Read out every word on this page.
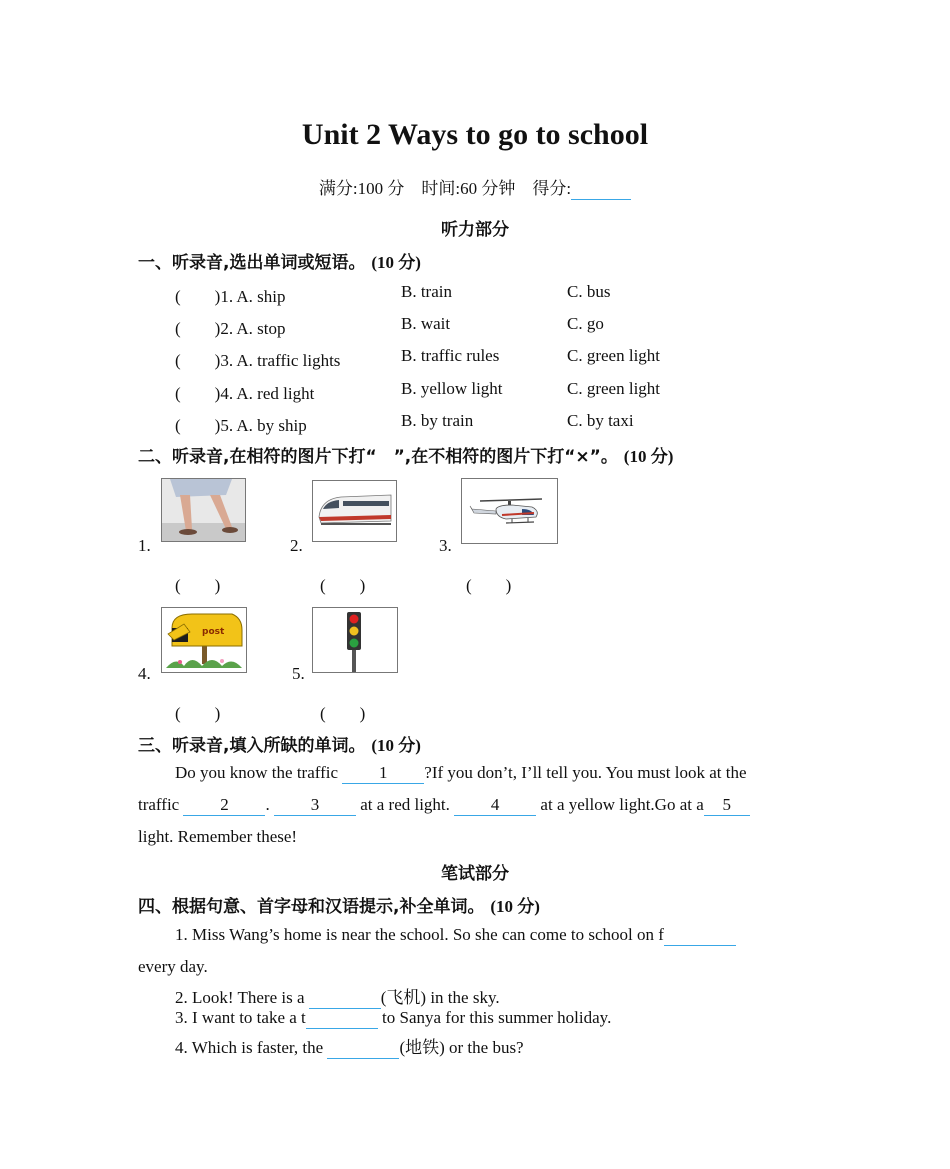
Unit 2 Ways to go to school
满分:100 分　时间:60 分钟　得分:
听力部分
一、听录音,选出单词或短语。 (10 分)
(　　)1. A. ship	B. train	C. bus
(　　)2. A. stop	B. wait	C. go
(　　)3. A. traffic lights	B. traffic rules	C. green light
(　　)4. A. red light	B. yellow light	C. green light
(　　)5. A. by ship	B. by train	C. by taxi
二、听录音,在相符的图片下打“　”,在不相符的图片下打“×”。 (10 分)
1.
(　　)
2.
(　　)
3.
(　　)
4.
post
(　　)
5.
(　　)
三、听录音,填入所缺的单词。 (10 分)
Do you know the traffic 1 ?If you don’t, I’ll tell you. You must look at the
traffic 2 . 3 at a red light. 4 at a yellow light.Go at a 5
light. Remember these!
笔试部分
四、根据句意、首字母和汉语提示,补全单词。 (10 分)
1. Miss Wang’s home is near the school. So she can come to school on f
every day.
2. Look! There is a	(飞机) in the sky.
3. I want to take a t	to Sanya for this summer holiday.
4. Which is faster, the	(地铁) or the bus?
